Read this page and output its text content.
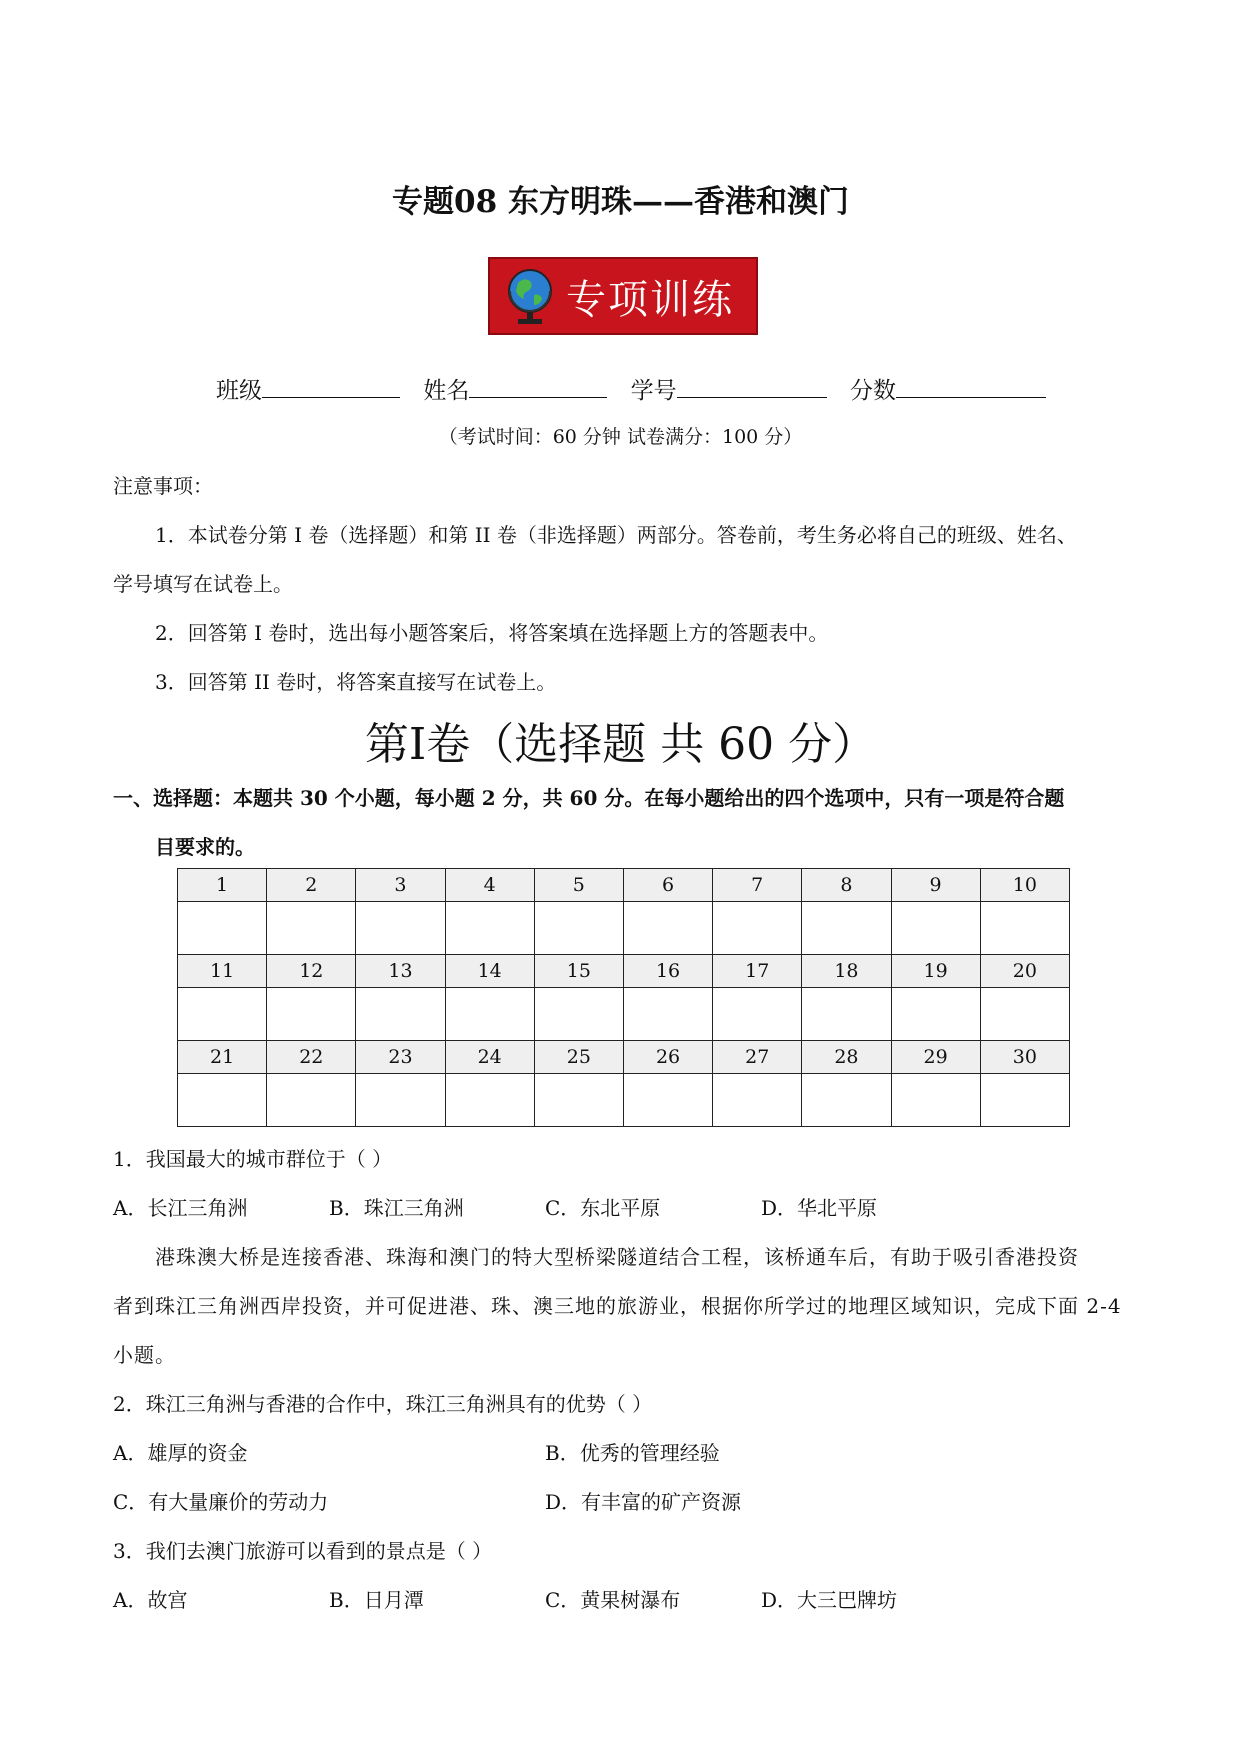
专题08 东方明珠——香港和澳门
专项训练
班级	姓名	学号	分数
（考试时间：60 分钟 试卷满分：100 分）
注意事项：
1．本试卷分第 I 卷（选择题）和第 II 卷（非选择题）两部分。答卷前，考生务必将自己的班级、姓名、
学号填写在试卷上。
2．回答第 I 卷时，选出每小题答案后，将答案填在选择题上方的答题表中。
3．回答第 II 卷时，将答案直接写在试卷上。
第I卷（选择题 共 60 分）
一、选择题：本题共 30 个小题，每小题 2 分，共 60 分。在每小题给出的四个选项中，只有一项是符合题
目要求的。
1	2	3	4	5	6	7	8	9	10

11	12	13	14	15	16	17	18	19	20

21	22	23	24	25	26	27	28	29	30

1．我国最大的城市群位于（ ）
A．长江三角洲	B．珠江三角洲	C．东北平原	D．华北平原
港珠澳大桥是连接香港、珠海和澳门的特大型桥梁隧道结合工程，该桥通车后，有助于吸引香港投资
者到珠江三角洲西岸投资，并可促进港、珠、澳三地的旅游业，根据你所学过的地理区域知识，完成下面 2-4
小题。
2．珠江三角洲与香港的合作中，珠江三角洲具有的优势（ ）
A．雄厚的资金	B．优秀的管理经验
C．有大量廉价的劳动力	D．有丰富的矿产资源
3．我们去澳门旅游可以看到的景点是（ ）
A．故宫	B．日月潭	C．黄果树瀑布	D．大三巴牌坊
